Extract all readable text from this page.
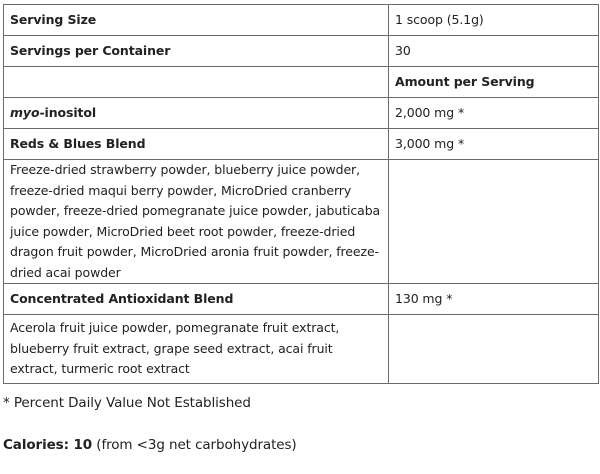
Serving Size	1 scoop (5.1g)
Servings per Container	30
	Amount per Serving
myo-inositol	2,000 mg *
Reds & Blues Blend	3,000 mg *
Freeze-dried strawberry powder, blueberry juice powder, freeze-dried maqui berry powder, MicroDried cranberry powder, freeze-dried pomegranate juice powder, jabuticaba juice powder, MicroDried beet root powder, freeze-dried dragon fruit powder, MicroDried aronia fruit powder, freeze-dried acai powder	
Concentrated Antioxidant Blend	130 mg *
Acerola fruit juice powder, pomegranate fruit extract, blueberry fruit extract, grape seed extract, acai fruit extract, turmeric root extract	

* Percent Daily Value Not Established

Calories: 10 (from <3g net carbohydrates)
